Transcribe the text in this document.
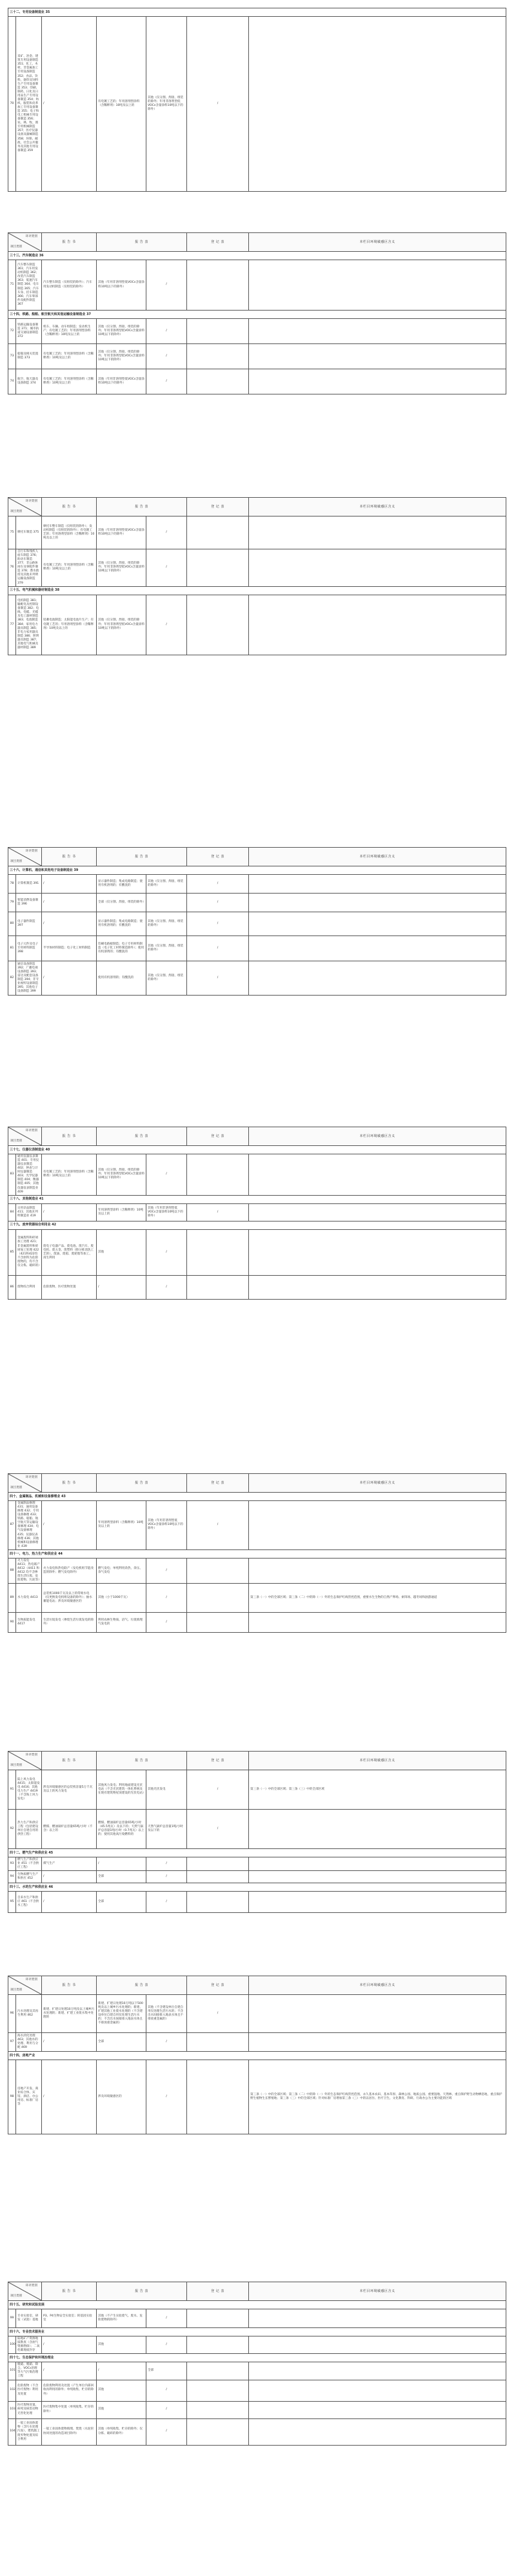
三十二、专用设备制造业 35
70	采矿、冶金、建筑专用设备制造 351；化工、木材、非金属加工专用设备制造 352；食品、饮料、烟草及饲料生产专用设备制造 353；印刷、制药、日化及日用品生产专用设备制造 354；纺织、服装和皮革加工专用设备制造 355；电子和电工机械专用设备制造 356；农、林、牧、渔专用机械制造 357；医疗仪器设备及器械制造 358；环保、邮政、社会公共服务及其他专用设备制造 359	/	有电镀工艺的；年用溶剂型涂料（含稀释剂）10吨及以上的	其他（仅分割、焊接、组装的除外；年用非溶剂型低VOCs含量涂料10吨以下的除外）	/	
环评类别
项目类别		报 告 书	报 告 表		登 记 表	本栏目环境敏感区含义
三十三、汽车制造业 36						
71	汽车整车制造 361；汽车用发动机制造 362；改装汽车制造 363；低速汽车制造 364；电车制造 365；汽车车身、挂车制造 366；汽车零部件及配件制造 367	汽车整车制造（仅组装的除外）；汽车用发动机制造（仅组装的除外）	其他（年用非溶剂型低VOCs含量涂料10吨以下的除外）	/		
三十四、铁路、船舶、航空航天和其他运输设备制造业 37						
72	铁路运输设备制造 371；城市轨道交通设备制造 372	机车、车辆、动车组制造；发动机生产；有电镀工艺的；年用溶剂型涂料（含稀释剂）10吨及以上的	其他（仅分割、焊接、组装的除外；年用非溶剂型低VOCs含量涂料10吨以下的除外）	/		
73	船舶及相关装置制造 373	有电镀工艺的；年用溶剂型涂料（含稀释剂）10吨及以上的	其他（仅分割、焊接、组装的除外；年用非溶剂型低VOCs含量涂料10吨以下的除外）	/		
74	航空、航天器及设备制造 374	有电镀工艺的；年用溶剂型涂料（含稀释剂）10吨及以上的	其他（年用非溶剂型低VOCs含量涂料10吨以下的除外）	/		
环评类别
项目类别		报 告 书	报 告 表		登 记 表	本栏目环境敏感区含义
75	摩托车制造 375	摩托车整车制造（仅组装的除外）；发动机制造（仅组装的除外）；有电镀工艺的；年用溶剂型涂料（含稀释剂）10吨及以上的	其他（年用非溶剂型低VOCs含量涂料10吨以下的除外）	/		
76	自行车和残疾人座车制造 376；助动车制造 377；非公路休闲车及零配件制造 378；潜水救捞及其他未列明运输设备制造 379	有电镀工艺的；年用溶剂型涂料（含稀释剂）10吨及以上的	其他（仅分割、焊接、组装的除外；年用非溶剂型低VOCs含量涂料10吨以下的除外）	/		
三十五、电气机械和器材制造业 38						
77	电机制造 381；输配电及控制设备制造 382；电线、电缆、光缆及电工器材制造 383；电池制造 384；家用电力器具制造 385；非电力家用器具制造 386；照明器具制造 387；其他电气机械及器材制造 389	铅蓄电池制造；太阳能电池片生产；有电镀工艺的；年用溶剂型涂料（含稀释剂）10吨及以上的	其他（仅分割、焊接、组装的除外；年用非溶剂型低VOCs含量涂料10吨以下的除外）	/		
环评类别
项目类别		报 告 书	报 告 表		登 记 表	本栏目环境敏感区含义
三十六、计算机、通信和其他电子设备制造业 39						
78	计算机制造 391	/	显示器件制造；集成电路制造；使用有机溶剂的；有酸洗的	其他（仅分割、焊接、组装的除外）	/	
79	智能消费设备制造 396	/	全部（仅分割、焊接、组装的除外）		/	
80	电子器件制造 397	/	显示器件制造；集成电路制造；使用有机溶剂的；有酸洗的	其他（仅分割、焊接、组装的除外）	/	
81	电子元件及电子专用材料制造 398	半导体材料制造；电子化工材料制造	印刷电路板制造；电子专用材料制造（电子化工材料制造除外）；使用有机溶剂的；有酸洗的	其他（仅分割、焊接、组装的除外）	/	
82	通信设备制造 392；广播电视设备制造 393；雷达及配套设备制造 394；非专业视听设备制造 395；其他电子设备制造 399	/	使用有机溶剂的；有酸洗的	其他（仅分割、焊接、组装的除外）	/	
环评类别
项目类别		报 告 书	报 告 表		登 记 表	本栏目环境敏感区含义
三十七、仪器仪表制造业 40						
83	通用仪器仪表制造 401；专用仪器仪表制造 402；钟表与计时仪器制造 403；光学仪器制造 404；衡器制造 405；其他仪器仪表制造业 409	有电镀工艺的；年用溶剂型涂料（含稀释剂）10吨及以上的	其他（仅分割、焊接、组装的除外；年用非溶剂型低VOCs含量涂料10吨以下的除外）	/		
三十八、其他制造业 41						
84	日用杂品制造 411；其他未列明制造业 419	/	年用溶剂型涂料（含稀释剂）10吨及以上的	其他（年用非溶剂型低VOCs含量涂料10吨以下的除外）	/	
三十九、废弃资源综合利用业 42						
85	金属废料和碎屑加工处理 421；非金属废料和碎屑加工处理 422（421和422均不含原料为危险废物的，均不含仅分拣、破碎的）	废电子电器产品、废电池、废汽车、废电机、废五金、废塑料（除分拣清洗工艺的）、废油、废船、废轮胎等加工、再生利用	其他	/		
86	废物综合利用	危险废物、医疗废物处置	/	/		
环评类别
项目类别		报 告 书	报 告 表		登 记 表	本栏目环境敏感区含义
四十、金属制品、机械和设备修理业 43						
87	金属制品修理 431；通用设备修理 432；专用设备修理 433；铁路、船舶、航空航天等运输设备修理 434；电气设备修理 435；仪器仪表修理 436；其他机械和设备修理业 439	/	年用溶剂型涂料（含稀释剂）10吨及以上的	其他（年用非溶剂型低VOCs含量涂料10吨以下的除外）	/	
四十一、电力、热力生产和供应业 44						
88	火力发电 4411；热电联产 4412（4411 和 4412 均不含掺烧生活垃圾、危险废物、污泥等）	火力发电和热电联产（发电机组节能改造的除外；燃气发电除外）	燃气发电；单纯利用余热、余压、余气发电	/		
89	水力发电 4413	总装机1000千瓦及以上的常规水电（仅更换发电机组设备的除外）；抽水蓄能电站；涉及环境敏感区的	其他（小于1000千瓦）	/		第三条（一）中的全部区域；第三条（二）中的除（一）外的生态保护红线管控范围，重要水生生物的自然产卵场、索饵场、越冬场和洄游通道
90	生物质能发电 4417	生活垃圾发电（掺烧生活垃圾发电的除外）	利用农林生物质、沼气、垃圾填埋气发电的	/		
环评类别
项目类别		报 告 书	报 告 表		登 记 表	本栏目环境敏感区含义
91	陆上风力发电 4415；太阳能发电 4416；其他电力生产 4419（不含海上风力发电）	涉及环境敏感区的总装机容量5万千瓦及以上的风力发电	其他风力发电；利用地面建设光伏电站（不含光伏建筑一体化系统及在现有建筑物屋顶建设的光伏电站）	其他光伏发电	/	第三条（一）中的全部区域；第三条（三）中的全部区域
92	热力生产和供应工程（包括建设单位自建自用的供热工程）	燃煤、燃油锅炉总容量65吨/小时（不含）以上的	燃煤、燃油锅炉总容量65吨/小时（45.5兆瓦）及以下的；天然气锅炉总容量1吨/小时（0.7兆瓦）以上的；使用其他高污染燃料的	天然气锅炉总容量1吨/小时及以下的	/	
四十二、燃气生产和供应业 45						
93	燃气生产和供应业 451（不含供应工程）	煤气生产	/	/		
94	生物质燃气生产和供应 452	/	全部	/		
四十三、水的生产和供应业 46						
95	自来水生产和供应 461（不含供水工程）	/	全部	/		
环评类别
项目类别		报 告 书	报 告 表		登 记 表	本栏目环境敏感区含义
96	污水处理及其再生利用 462	新建、扩建日处理10万吨及以上城乡污水处理的；新建、扩建工业废水集中处理的	新建、扩建日处理10万吨以下500吨及以上城乡污水处理的；新建、扩建其他工业废水处理的（不含建设单位自建自用仅处理生活污水的；不含出水间接排入地表水体且不排放重金属的）	其他（不含建设单位自建自用仅处理生活污水的；不含出水间接排入地表水体且不排放重金属的）	/	
97	海水淡化处理 463；其他水的处理、利用与分配 469	/	全部	/		
四十四、房地产业						
98	房地产开发、商业综合体、宾馆、酒店、办公用房、标准厂房等	/	涉及环境敏感区的	/		第三条（一）中的全部区域；第三条（二）中的除（一）外的生态保护红线管控范围，永久基本农田、基本草原、森林公园、地质公园、重要湿地、天然林、重点保护野生动物栖息地，重点保护野生植物生长繁殖地；第三条（三）中的全部区域；针对标准厂房增加第三条（三）中的以居住、医疗卫生、文化教育、科研、行政办公为主要功能的区域
环评类别
项目类别		报 告 书	报 告 表		登 记 表	本栏目环境敏感区含义
四十五、研究和试验发展						
99	专业实验室、研发（试验）基地	P3、P4生物安全实验室；转基因实验室	其他（不产生实验废气、废水、危险废物的除外）	/		
四十六、专业技术服务业						
100	陆地矿产资源地质勘查（含油气资源勘探）；二氧化碳地质封存	/	其他	/		
四十七、生态保护和环境治理业						
101	脱硫、脱硝、除尘、VOCs治理等大气污染治理工程	/	/	全部		
102	危险废物（不含医疗废物）利用及处置	危险废物利用及处置（产生单位内部回收再利用的除外；单纯收集、贮存的除外）	其他	/		
103	医疗废物处置、病死及病害动物无害化处理	医疗废物集中处置（单纯收集、贮存的除外）	其他	/		
104	一般工业固体废物（含污水处理污泥）、建筑施工废弃物处置及综合利用	一般工业固体废物填埋、焚烧（水泥窑协同处置的改造项目除外）	其他（单纯收集、贮存的除外；仅分拣、破碎的除外）	/		
